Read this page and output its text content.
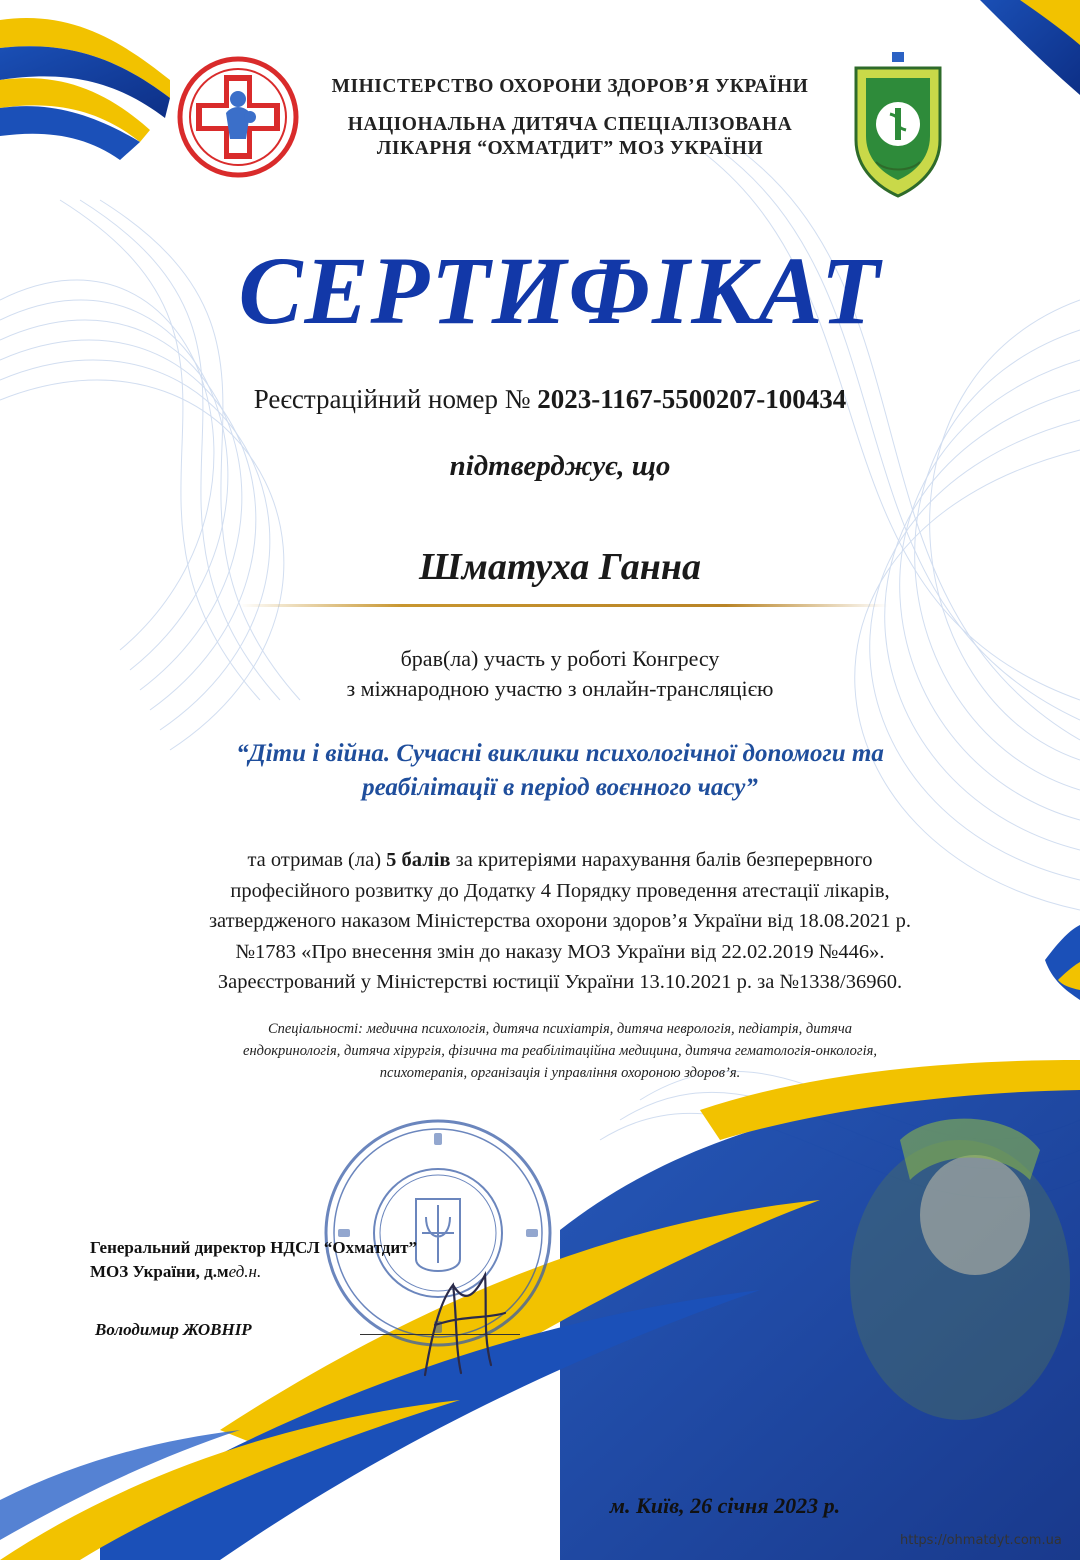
МІНІСТЕРСТВО ОХОРОНИ ЗДОРОВ’Я УКРАЇНИ
НАЦІОНАЛЬНА ДИТЯЧА СПЕЦІАЛІЗОВАНА
ЛІКАРНЯ “ОХМАТДИТ” МОЗ УКРАЇНИ
СЕРТИФІКАТ
Реєстраційний номер № 2023-1167-5500207-100434
підтверджує, що
Шматуха Ганна
брав(ла) участь у роботі Конгресу
з міжнародною участю з онлайн-трансляцією
“Діти і війна. Сучасні виклики психологічної допомоги та
реабілітації в період воєнного часу”
та отримав (ла) 5 балів за критеріями нарахування балів безперервного
професійного розвитку до Додатку 4 Порядку проведення атестації лікарів,
затвердженого наказом Міністерства охорони здоров’я України від 18.08.2021 р.
№1783 «Про внесення змін до наказу МОЗ України від 22.02.2019 №446».
Зареєстрований у Міністерстві юстиції України 13.10.2021 р. за №1338/36960.
Спеціальності: медична психологія, дитяча психіатрія, дитяча неврологія, педіатрія, дитяча
ендокринологія, дитяча хірургія, фізична та реабілітаційна медицина, дитяча гематологія-онкологія,
психотерапія, організація і управління охороною здоров’я.
Генеральний директор НДСЛ “Охматдит”
МОЗ України, д.мед.н.
Володимир ЖОВНІР
м. Київ, 26 січня 2023 р.
https://ohmatdyt.com.ua
